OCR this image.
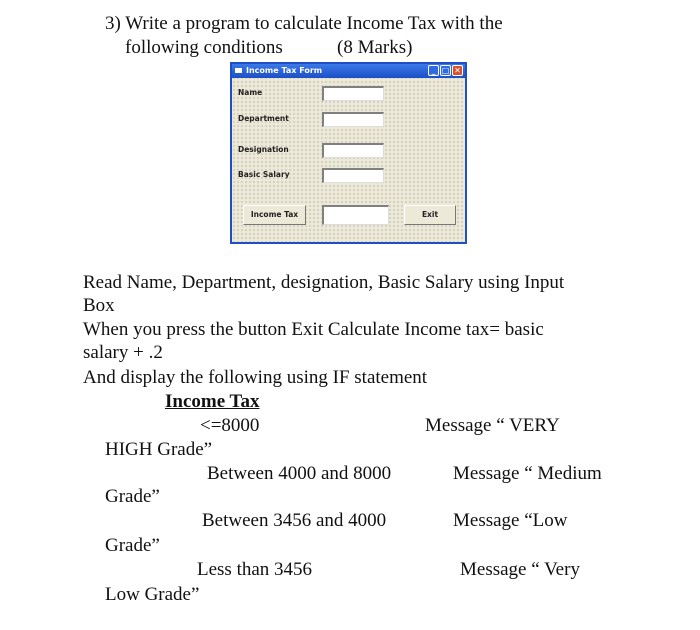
3) Write a program to calculate Income Tax with the
following conditions	(8 Marks)
Income Tax Form	_ □ ✕
Name
Department
Designation
Basic Salary
Income Tax	Exit
Read Name, Department, designation, Basic Salary using Input
Box
When you press the button Exit Calculate Income tax= basic
salary + .2
And display the following using IF statement
Income Tax
<=8000	Message “ VERY
HIGH Grade”
Between 4000 and 8000	Message “ Medium
Grade”
Between 3456 and 4000	Message “Low
Grade”
Less than 3456	Message “ Very
Low Grade”
